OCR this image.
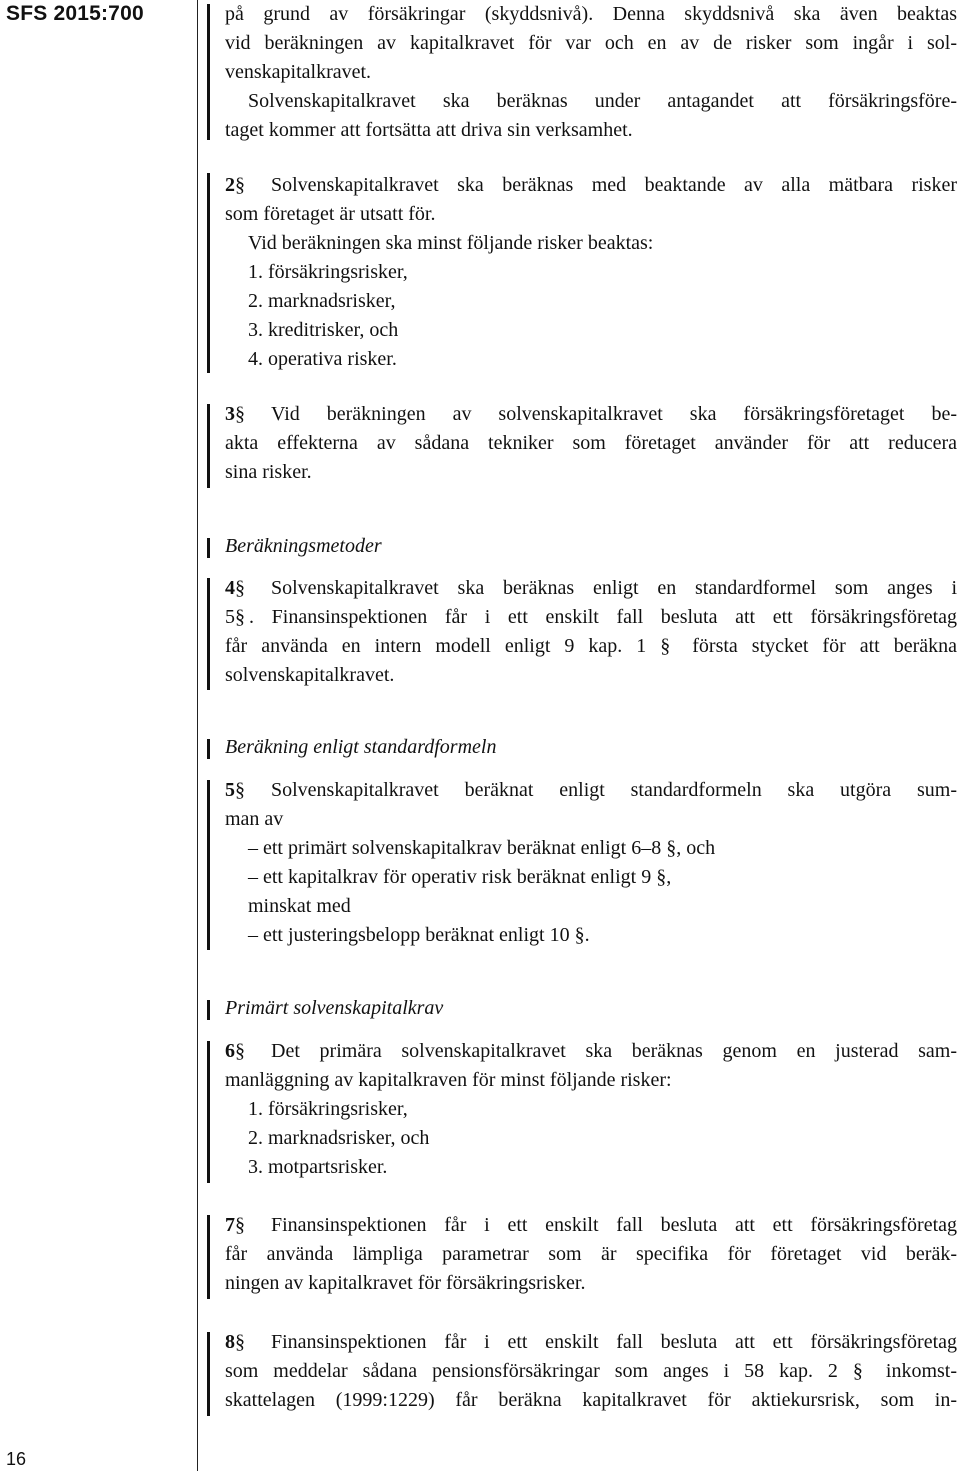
SFS 2015:700
16
på grund av försäkringar (skyddsnivå). Denna skyddsnivå ska även beaktas
vid beräkningen av kapitalkravet för var och en av de risker som ingår i sol-
venskapitalkravet.
Solvenskapitalkravet ska beräknas under antagandet att försäkringsföre-
taget kommer att fortsätta att driva sin verksamhet.
2§ Solvenskapitalkravet ska beräknas med beaktande av alla mätbara risker
som företaget är utsatt för.
Vid beräkningen ska minst följande risker beaktas:
1. försäkringsrisker,
2. marknadsrisker,
3. kreditrisker, och
4. operativa risker.
3§ Vid beräkningen av solvenskapitalkravet ska försäkringsföretaget be-
akta effekterna av sådana tekniker som företaget använder för att reducera
sina risker.
Beräkningsmetoder
4§ Solvenskapitalkravet ska beräknas enligt en standardformel som anges i
5§ . Finansinspektionen får i ett enskilt fall besluta att ett försäkringsföretag
får använda en intern modell enligt 9 kap. 1 § första stycket för att beräkna
solvenskapitalkravet.
Beräkning enligt standardformeln
5§ Solvenskapitalkravet beräknat enligt standardformeln ska utgöra sum-
man av
– ett primärt solvenskapitalkrav beräknat enligt 6–8 §, och
– ett kapitalkrav för operativ risk beräknat enligt 9 §,
minskat med
– ett justeringsbelopp beräknat enligt 10 §.
Primärt solvenskapitalkrav
6§ Det primära solvenskapitalkravet ska beräknas genom en justerad sam-
manläggning av kapitalkraven för minst följande risker:
1. försäkringsrisker,
2. marknadsrisker, och
3. motpartsrisker.
7§ Finansinspektionen får i ett enskilt fall besluta att ett försäkringsföretag
får använda lämpliga parametrar som är specifika för företaget vid beräk-
ningen av kapitalkravet för försäkringsrisker.
8§ Finansinspektionen får i ett enskilt fall besluta att ett försäkringsföretag
som meddelar sådana pensionsförsäkringar som anges i 58 kap. 2 § inkomst-
skattelagen (1999:1229) får beräkna kapitalkravet för aktiekursrisk, som in-
